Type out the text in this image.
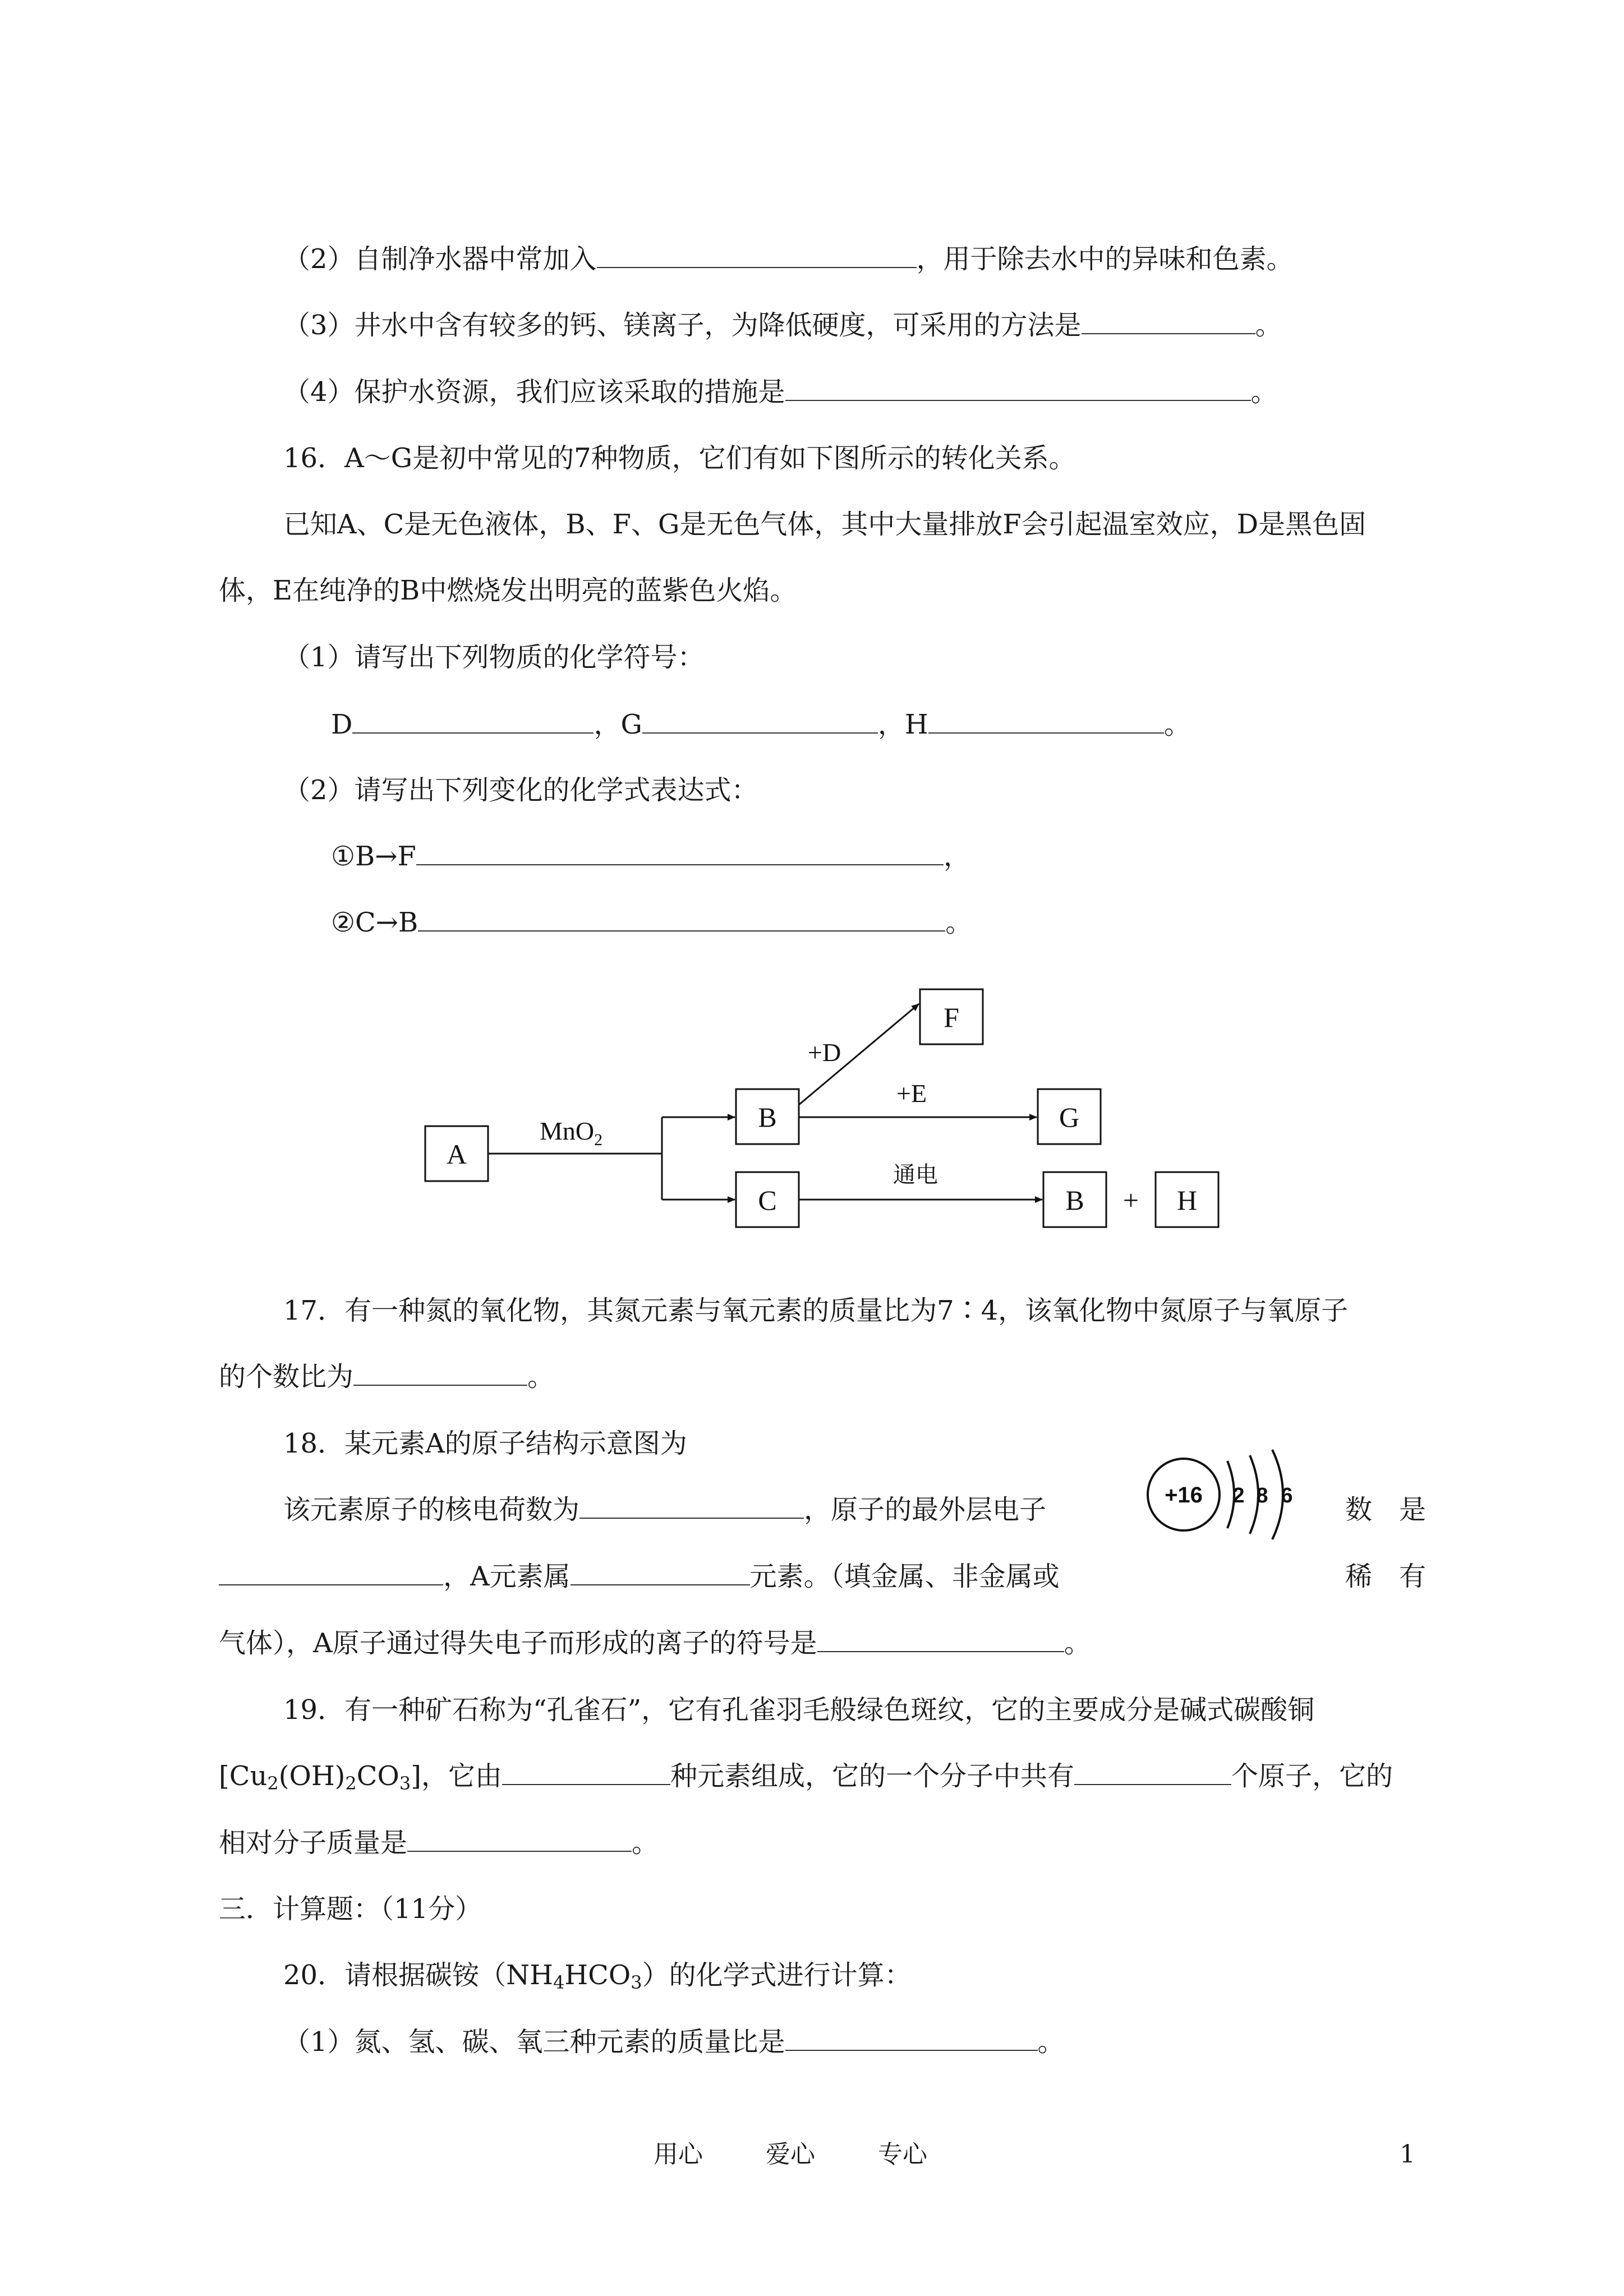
（2）自制净水器中常加入	，用于除去水中的异味和色素。
（3）井水中含有较多的钙、镁离子，为降低硬度，可采用的方法是	。
（4）保护水资源，我们应该采取的措施是	。
16．A～G是初中常见的7种物质，它们有如下图所示的转化关系。
已知A、C是无色液体，B、F、G是无色气体，其中大量排放F会引起温室效应，D是黑色固
体，E在纯净的B中燃烧发出明亮的蓝紫色火焰。
（1）请写出下列物质的化学符号：
D	，G	，H	。
（2）请写出下列变化的化学式表达式：
①B→F	，
②C→B	。
A
B
C
F
G
B	H
+
MnO$_2$
+D
+E
通电
17．有一种氮的氧化物，其氮元素与氧元素的质量比为7∶4，该氧化物中氮原子与氧原子
的个数比为	。
18．某元素A的原子结构示意图为
该元素原子的核电荷数为	，原子的最外层电子	数　是
，A元素属	元素。（填金属、非金属或	稀　有
气体），A原子通过得失电子而形成的离子的符号是	。
+16 2 8 6
19．有一种矿石称为“孔雀石”，它有孔雀羽毛般绿色斑纹，它的主要成分是碱式碳酸铜
$[Cu_2(OH)_2CO_3]$，它由	种元素组成，它的一个分子中共有	个原子，它的
相对分子质量是	。
三．计算题：（11分）
20．请根据碳铵$(NH_4HCO_3)$的化学式进行计算：
（1）氮、氢、碳、氧三种元素的质量比是	。
用心	爱心	专心	1
